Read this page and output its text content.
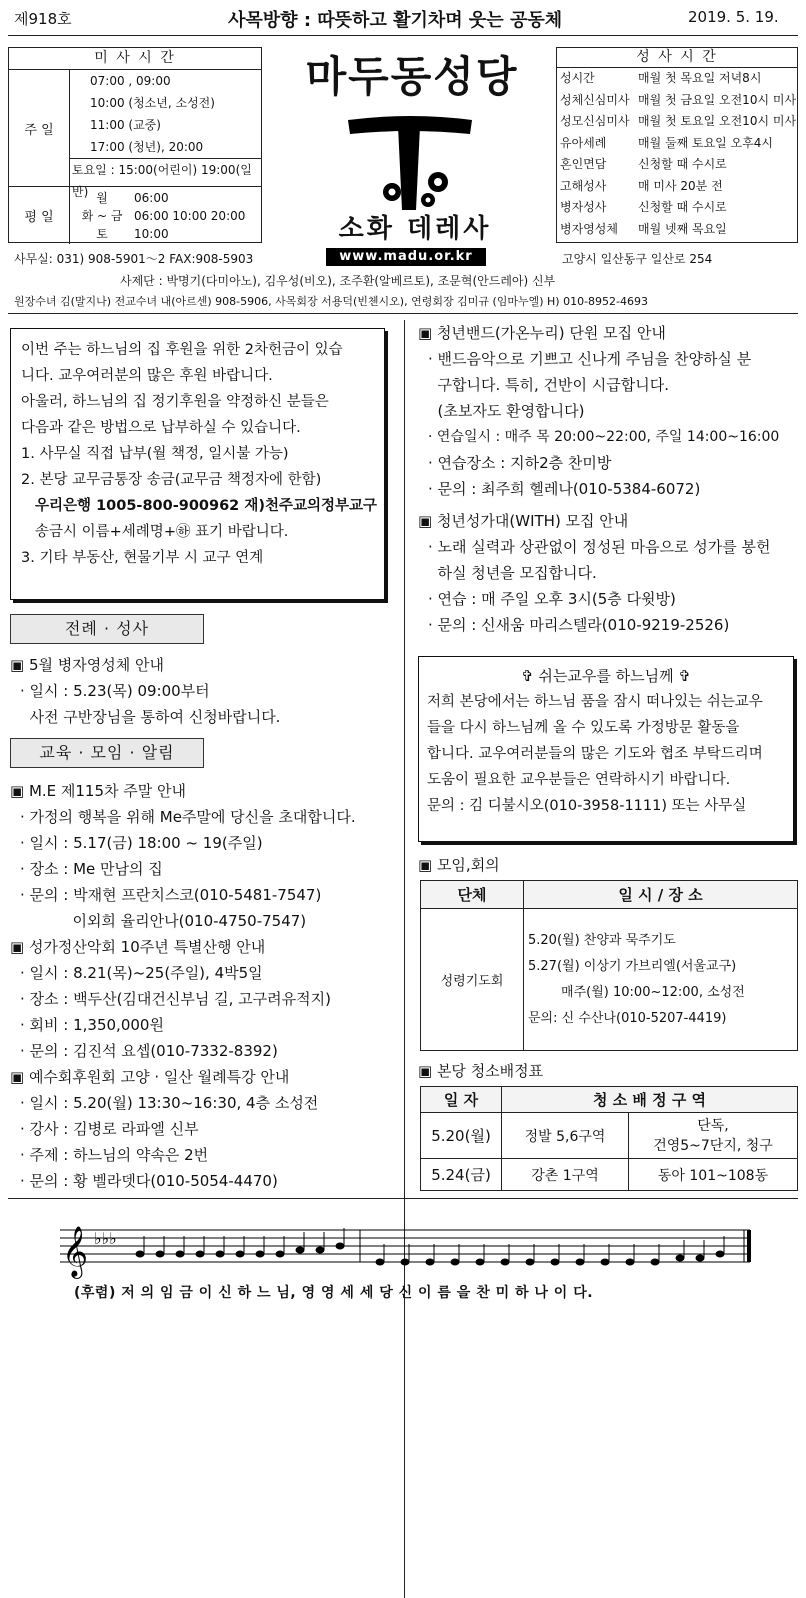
제918호	사목방향 : 따뜻하고 활기차며 웃는 공동체	2019. 5. 19.
미 사 시 간
주 일
07:00 , 09:00
10:00 (청소년, 소성전)
11:00 (교중)
17:00 (청년), 20:00
토요일 : 15:00(어린이) 19:00(일반)
평 일
월	06:00
화 ~ 금 06:00 10:00 20:00
토	10:00
마두동성당
소화 데레사
성 사 시 간
성시간	매월 첫 목요일 저녁8시
성체신심미사 매월 첫 금요일 오전10시 미사
성모신심미사 매월 첫 토요일 오전10시 미사
유아세례	매월 둘째 토요일 오후4시
혼인면담	신청할 때 수시로
고해성사	매 미사 20분 전
병자성사	신청할 때 수시로
병자영성체	매월 넷째 목요일
사무실: 031) 908-5901～2 FAX:908-5903	www.madu.or.kr	고양시 일산동구 일산로 254
사제단 : 박명기(다미아노), 김우성(비오), 조주환(알베르토), 조문혁(안드레아) 신부
원장수녀 김(말지나) 전교수녀 내(아르센) 908-5906, 사목회장 서용덕(빈첸시오), 연령회장 김미규 (임마누엘) H) 010-8952-4693
이번 주는 하느님의 집 후원을 위한 2차헌금이 있습
니다. 교우여러분의 많은 후원 바랍니다.
아울러, 하느님의 집 정기후원을 약정하신 분들은
다음과 같은 방법으로 납부하실 수 있습니다.
1. 사무실 직접 납부(월 책정, 일시불 가능)
2. 본당 교무금통장 송금(교무금 책정자에 한함)
우리은행 1005-800-900962 재)천주교의정부교구
송금시 이름+세례명+㉻ 표기 바랍니다.
3. 기타 부동산, 현물기부 시 교구 연계
전례 · 성사
▣ 5월 병자영성체 안내
· 일시 : 5.23(목) 09:00부터
사전 구반장님을 통하여 신청바랍니다.
교육 · 모임 · 알림
▣ M.E 제115차 주말 안내
· 가정의 행복을 위해 Me주말에 당신을 초대합니다.
· 일시 : 5.17(금) 18:00 ~ 19(주일)
· 장소 : Me 만남의 집
· 문의 : 박재현 프란치스코(010-5481-7547)
이외희 율리안나(010-4750-7547)
▣ 성가정산악회 10주년 특별산행 안내
· 일시 : 8.21(목)~25(주일), 4박5일
· 장소 : 백두산(김대건신부님 길, 고구려유적지)
· 회비 : 1,350,000원
· 문의 : 김진석 요셉(010-7332-8392)
▣ 예수회후원회 고양 · 일산 월례특강 안내
· 일시 : 5.20(월) 13:30~16:30, 4층 소성전
· 강사 : 김병로 라파엘 신부
· 주제 : 하느님의 약속은 2번
· 문의 : 황 벨라뎃다(010-5054-4470)
▣ 청년밴드(가온누리) 단원 모집 안내
· 밴드음악으로 기쁘고 신나게 주님을 찬양하실 분
구합니다. 특히, 건반이 시급합니다.
(초보자도 환영합니다)
· 연습일시 : 매주 목 20:00~22:00, 주일 14:00~16:00
· 연습장소 : 지하2층 찬미방
· 문의 : 최주희 헬레나(010-5384-6072)
▣ 청년성가대(WITH) 모집 안내
· 노래 실력과 상관없이 정성된 마음으로 성가를 봉헌
하실 청년을 모집합니다.
· 연습 : 매 주일 오후 3시(5층 다윗방)
· 문의 : 신새움 마리스텔라(010-9219-2526)
✞ 쉬는교우를 하느님께 ✞
저희 본당에서는 하느님 품을 잠시 떠나있는 쉬는교우
들을 다시 하느님께 올 수 있도록 가정방문 활동을
합니다. 교우여러분들의 많은 기도와 협조 부탁드리며
도움이 필요한 교우분들은 연락하시기 바랍니다.
문의 : 김 디불시오(010-3958-1111) 또는 사무실
▣ 모임,회의
단체	일 시 / 장 소
성령기도회	5.20(월) 찬양과 묵주기도
5.27(월) 이상기 가브리엘(서울교구)
매주(월) 10:00~12:00, 소성전
문의: 신 수산나(010-5207-4419)
▣ 본당 청소배정표
일 자	청 소 배 정 구 역	
5.20(월)	정발 5,6구역	단독,
건영5~7단지, 청구

5.24(금)	강촌 1구역	동아 101~108동
𝄞 ♭♭♭
(후렴) 저 의 임 금 이 신 하 느 님, 영 영 세 세 당 신 이 름 을 찬 미 하 나 이 다.
